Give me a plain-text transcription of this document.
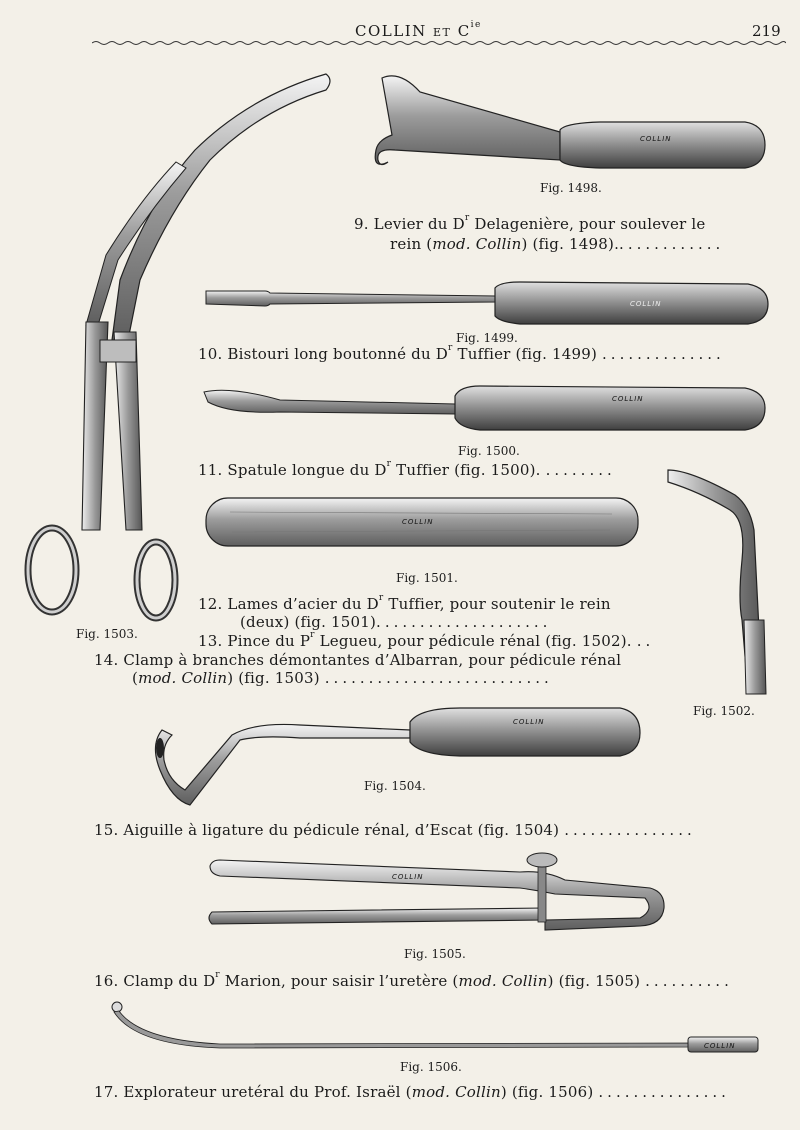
COLLIN ET $C^{ie}$	219
COLLIN
COLLIN
COLLIN
COLLIN
COLLIN
COLLIN
COLLIN
Fig. 1498.
Fig. 1499.
Fig. 1500.
Fig. 1501.
Fig. 1502.
Fig. 1503.
Fig. 1504.
Fig. 1505.
Fig. 1506.
9. Levier du $D^r$ Delagenière, pour soulever le
rein (mod. Collin) (fig. 1498).............
10. Bistouri long boutonné du $D^r$ Tuffier (fig. 1499) ..............
11. Spatule longue du $D^r$ Tuffier (fig. 1500). ........
12. Lames d’acier du $D^r$ Tuffier, pour soutenir le rein
(deux) (fig. 1501)....................
13. Pince du $P^r$ Legueu, pour pédicule rénal (fig. 1502). ..
14. Clamp à branches démontantes d’Albarran, pour pédicule rénal
(mod. Collin) (fig. 1503) ..........................
15. Aiguille à ligature du pédicule rénal, d’Escat (fig. 1504) ...............
16. Clamp du $D^r$ Marion, pour saisir l’uretère (mod. Collin) (fig. 1505) ..........
17. Explorateur uretéral du Prof. Israël (mod. Collin) (fig. 1506) ...............
